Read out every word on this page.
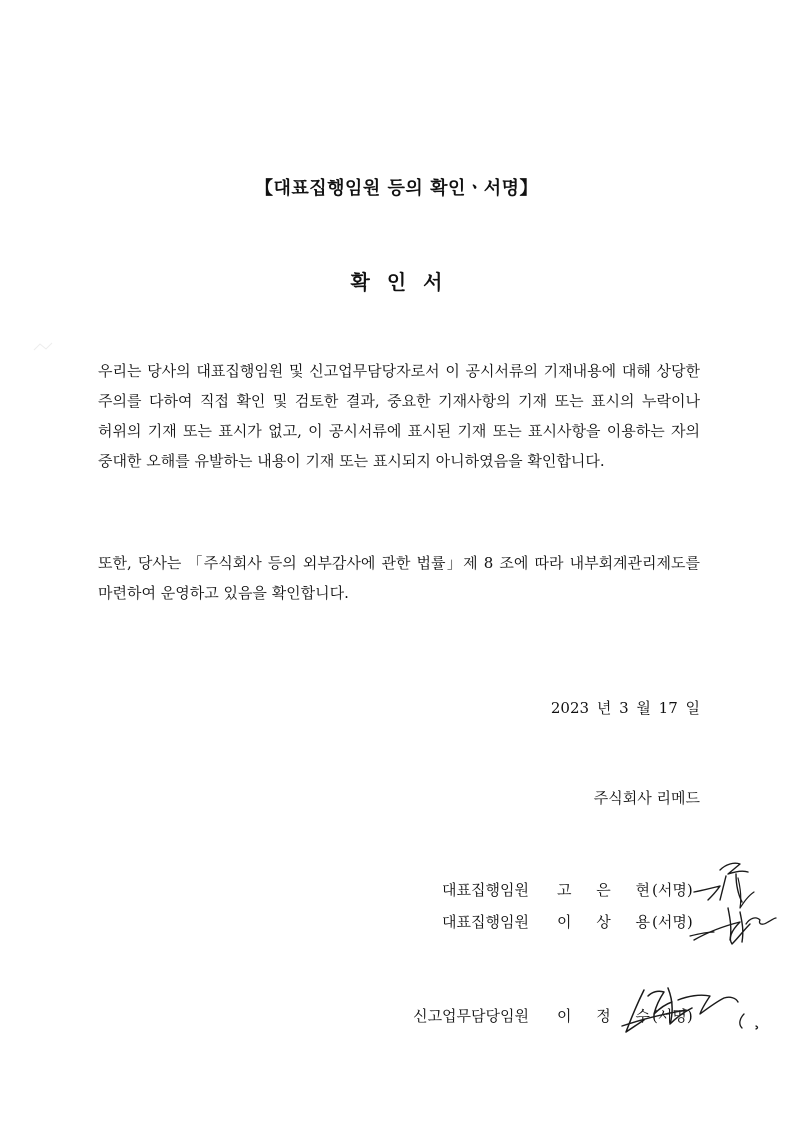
【대표집행임원 등의 확인ㆍ서명】
확 인 서

우리는 당사의 대표집행임원 및 신고업무담당자로서 이 공시서류의 기재내용에 대해 상당한 주의를 다하여 직접 확인 및 검토한 결과, 중요한 기재사항의 기재 또는 표시의 누락이나 허위의 기재 또는 표시가 없고, 이 공시서류에 표시된 기재 또는 표시사항을 이용하는 자의 중대한 오해를 유발하는 내용이 기재 또는 표시되지 아니하였음을 확인합니다.

또한, 당사는 「주식회사 등의 외부감사에 관한 법률」제 8 조에 따라 내부회계관리제도를 마련하여 운영하고 있음을 확인합니다.

2023 년 3 월 17 일
주식회사 리메드
대표집행임원 고 은 현
(서명)
대표집행임원 이 상 용
(서명)
신고업무담당임원 이 정 수
(서명)
